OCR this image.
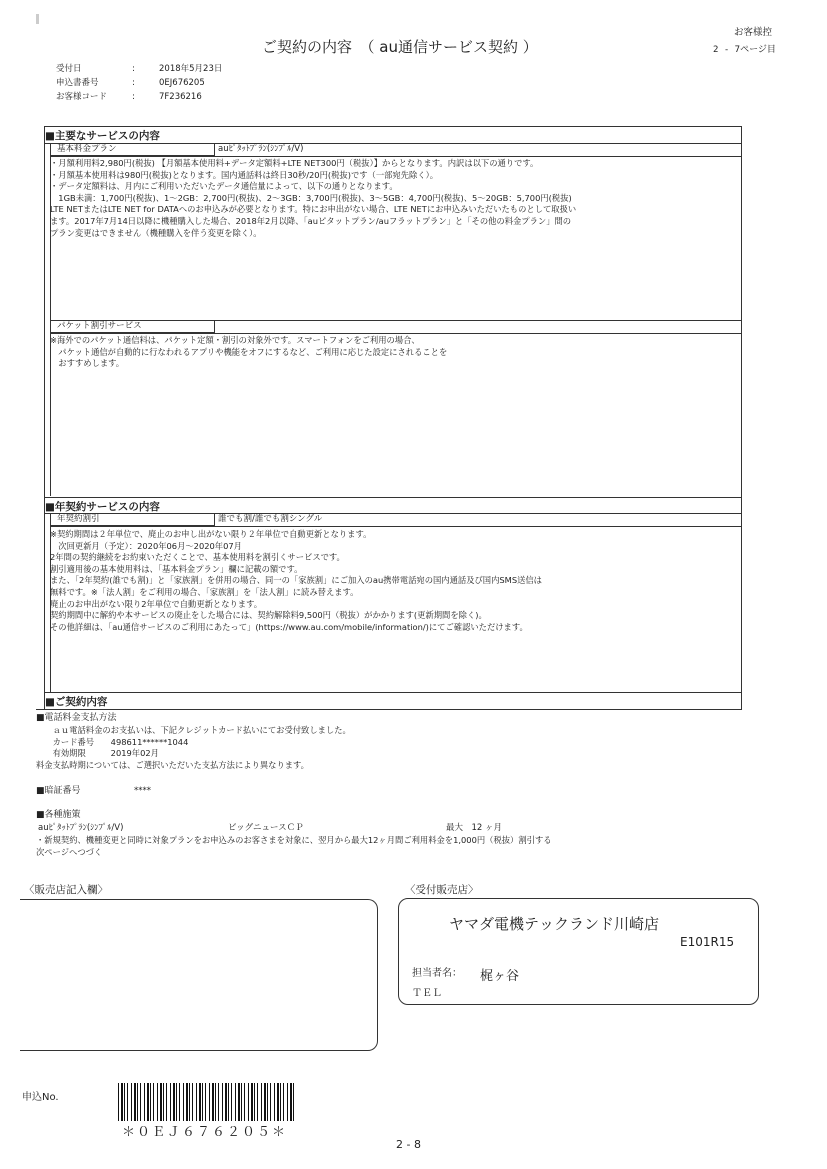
ご契約の内容　（ au通信サービス契約 ）
お客様控
2 - 7ページ目
受付日	:	2018年5月23日
申込書番号	:	0EJ676205
お客様コード	:	7F236216
■主要なサービスの内容
基本料金プラン	auﾋﾟﾀｯﾄﾌﾟﾗﾝ(ｼﾝﾌﾟﾙ/V)
・月額利用料2,980円(税抜) 【月額基本使用料+データ定額料+LTE NET300円（税抜）】からとなります。内訳は以下の通りです。
・月額基本使用料は980円(税抜)となります。国内通話料は終日30秒/20円(税抜)です（一部宛先除く）。
・データ定額料は、月内にご利用いただいたデータ通信量によって、以下の通りとなります。
　1GB未満：1,700円(税抜)、1～2GB：2,700円(税抜)、2～3GB：3,700円(税抜)、3～5GB：4,700円(税抜)、5～20GB：5,700円(税抜)
LTE NETまたはLTE NET for DATAへのお申込みが必要となります。特にお申出がない場合、LTE NETにお申込みいただいたものとして取扱い
ます。2017年7月14日以降に機種購入した場合、2018年2月以降、「auピタットプラン/auフラットプラン」と「その他の料金プラン」間の
プラン変更はできません（機種購入を伴う変更を除く）。
パケット割引サービス
※海外でのパケット通信料は、パケット定額・割引の対象外です。スマートフォンをご利用の場合、
　パケット通信が自動的に行なわれるアプリや機能をオフにするなど、ご利用に応じた設定にされることを
　おすすめします。
■年契約サービスの内容
年契約割引	誰でも割/誰でも割シングル
※契約期間は２年単位で、廃止のお申し出がない限り２年単位で自動更新となります。
　次回更新月（予定）：2020年06月～2020年07月
2年間の契約継続をお約束いただくことで、基本使用料を割引くサービスです。
割引適用後の基本使用料は、「基本料金プラン」欄に記載の額です。
また、「2年契約(誰でも割)」と「家族割」を併用の場合、同一の「家族割」にご加入のau携帯電話宛の国内通話及び国内SMS送信は
無料です。※「法人割」をご利用の場合、「家族割」を「法人割」に読み替えます。
廃止のお申出がない限り2年単位で自動更新となります。
契約期間中に解約や本サービスの廃止をした場合には、契約解除料9,500円（税抜）がかかります(更新期間を除く)。
その他詳細は、「au通信サービスのご利用にあたって」(https://www.au.com/mobile/information/)にてご確認いただけます。
■ご契約内容
■電話料金支払方法
　　ａｕ電話料金のお支払いは、下記クレジットカード払いにてお受付致しました。
　　カード番号　　498611******1044
　　有効期限　　　2019年02月
料金支払時期については、ご選択いただいた支払方法により異なります。
■暗証番号	****
■各種施策
auﾋﾟﾀｯﾄﾌﾟﾗﾝ(ｼﾝﾌﾟﾙ/V)	ビッグニュースＣＰ	最大　12 ヶ月
・新規契約、機種変更と同時に対象プランをお申込みのお客さまを対象に、翌月から最大12ヶ月間ご利用料金を1,000円（税抜）割引する
次ページへつづく
〈販売店記入欄〉	〈受付販売店〉
ヤマダ電機テックランド川崎店
E101R15
担当者名： 梶ヶ谷
ＴＥＬ
申込No.
＊０ＥＪ６７６２０５＊
2 - 8
